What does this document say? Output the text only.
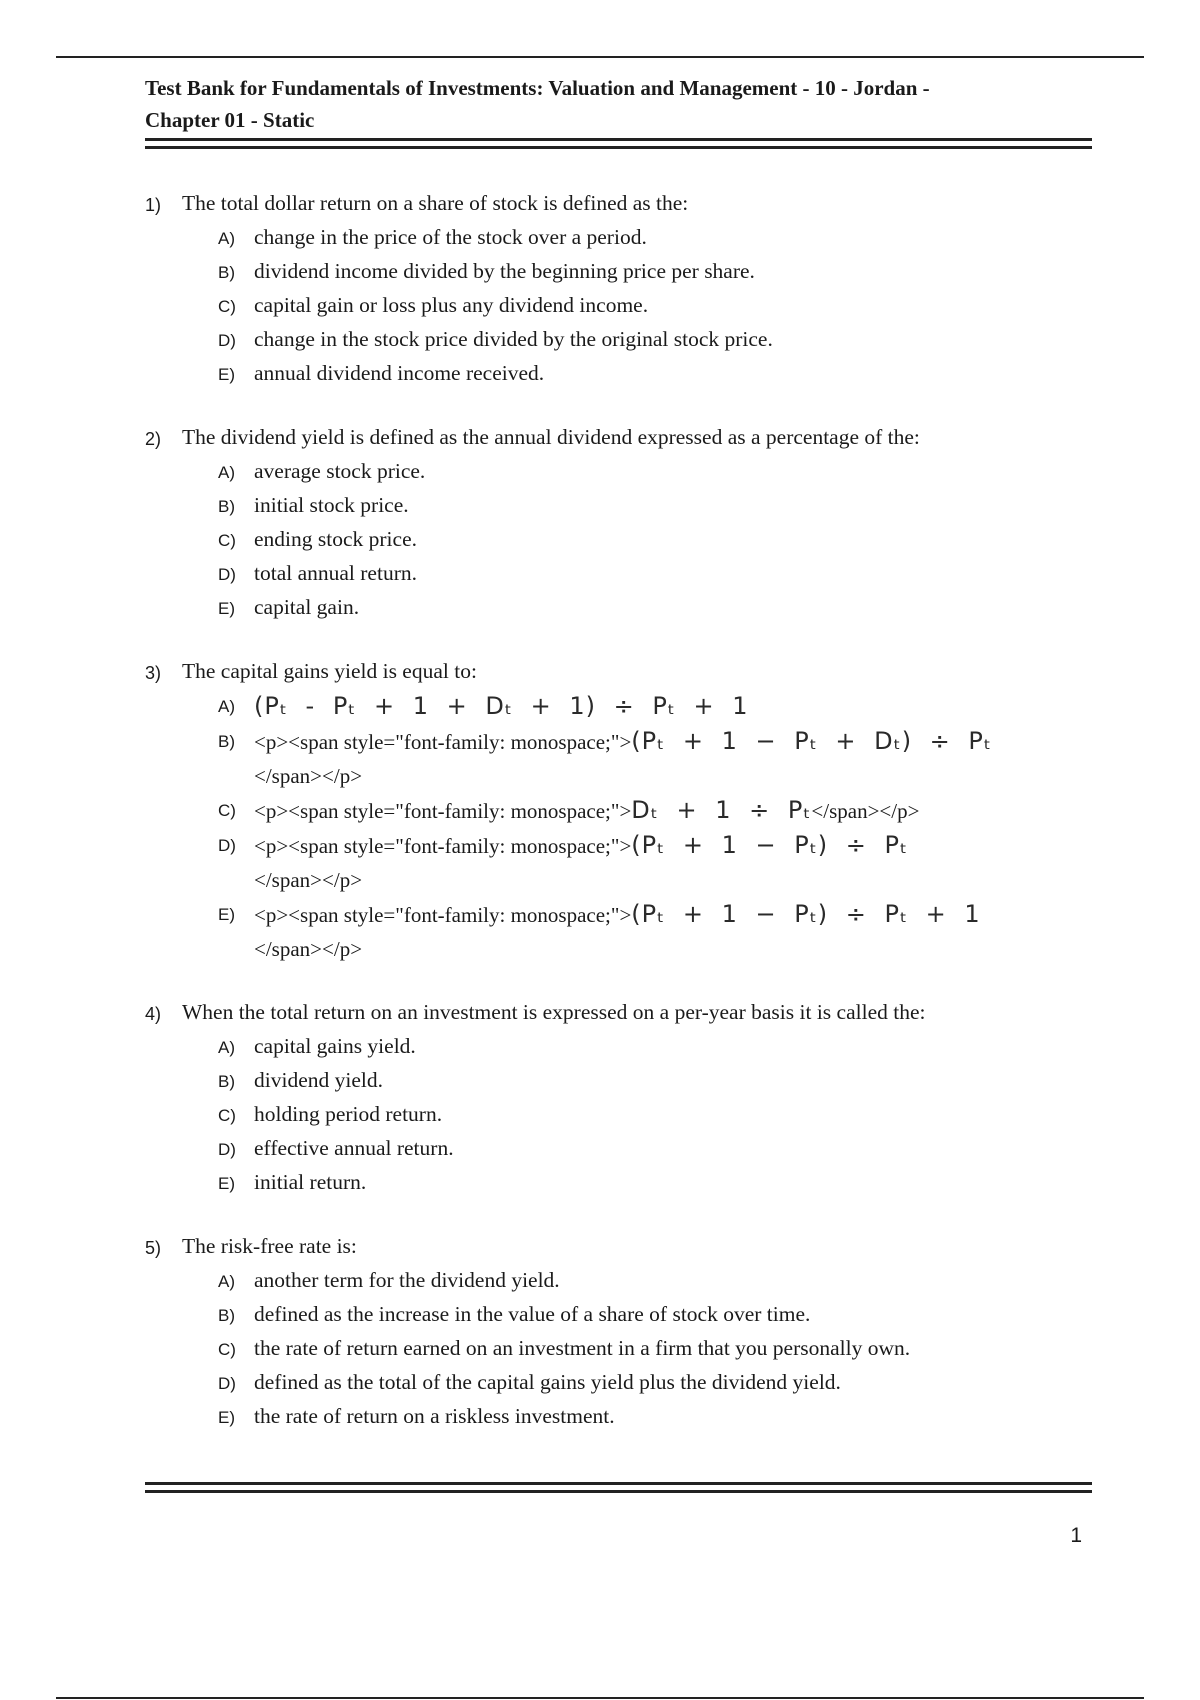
Test Bank for Fundamentals of Investments: Valuation and Management - 10 - Jordan -
Chapter 01 - Static
1) The total dollar return on a share of stock is defined as the:
A) change in the price of the stock over a period.
B) dividend income divided by the beginning price per share.
C) capital gain or loss plus any dividend income.
D) change in the stock price divided by the original stock price.
E) annual dividend income received.
2) The dividend yield is defined as the annual dividend expressed as a percentage of the:
A) average stock price.
B) initial stock price.
C) ending stock price.
D) total annual return.
E) capital gain.
3) The capital gains yield is equal to:
A) (Pₜ - Pₜ + 1 + Dₜ + 1) ÷ Pₜ + 1
B) <p><span style="font-family: monospace;">(Pₜ + 1 − Pₜ + Dₜ) ÷ Pₜ
</span></p>
C) <p><span style="font-family: monospace;">Dₜ + 1 ÷ Pₜ</span></p>
D) <p><span style="font-family: monospace;">(Pₜ + 1 − Pₜ) ÷ Pₜ
</span></p>
E) <p><span style="font-family: monospace;">(Pₜ + 1 − Pₜ) ÷ Pₜ + 1
</span></p>
4) When the total return on an investment is expressed on a per-year basis it is called the:
A) capital gains yield.
B) dividend yield.
C) holding period return.
D) effective annual return.
E) initial return.
5) The risk-free rate is:
A) another term for the dividend yield.
B) defined as the increase in the value of a share of stock over time.
C) the rate of return earned on an investment in a firm that you personally own.
D) defined as the total of the capital gains yield plus the dividend yield.
E) the rate of return on a riskless investment.
1
